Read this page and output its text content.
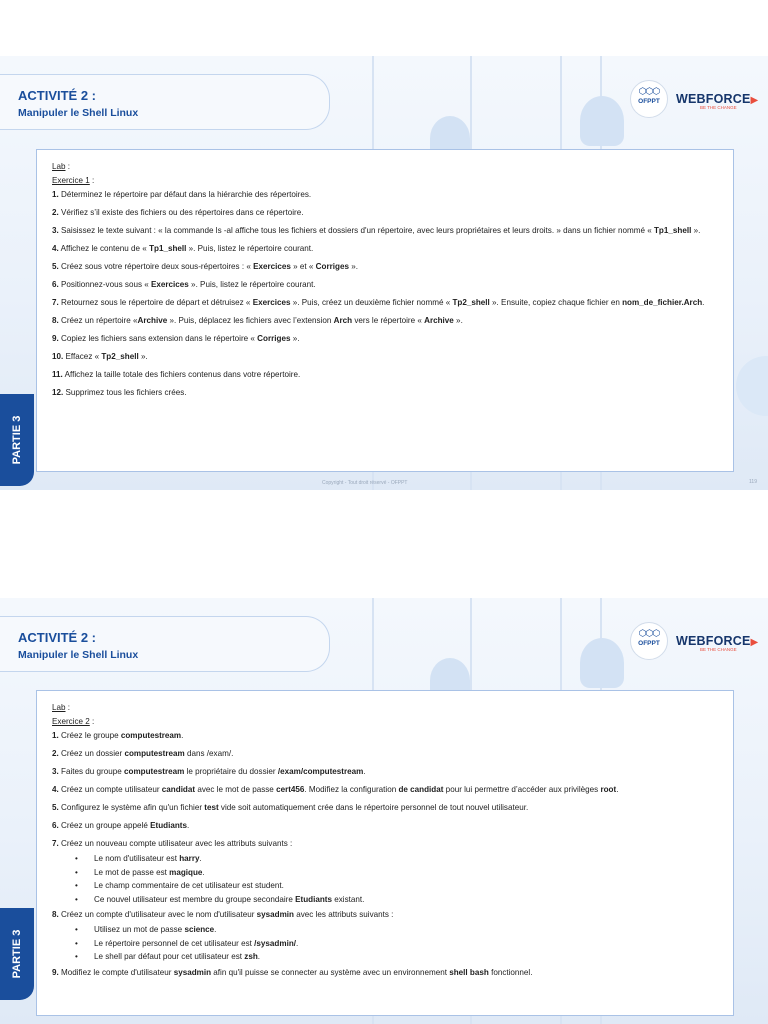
ACTIVITÉ 2 :
Manipuler le Shell Linux
⬡⬡⬡
OFPPT	WEBFORCE▶
BE THE CHANGE
PARTIE 3

Lab :

Exercice 1 :

1. Déterminez le répertoire par défaut dans la hiérarchie des répertoires.

2. Vérifiez s’il existe des fichiers ou des répertoires dans ce répertoire.

3. Saisissez le texte suivant : « la commande ls -al affiche tous les fichiers et dossiers d'un répertoire, avec leurs propriétaires et leurs droits. » dans un fichier nommé « Tp1_shell ».

4. Affichez le contenu de « Tp1_shell ». Puis, listez le répertoire courant.

5. Créez sous votre répertoire deux sous-répertoires : « Exercices » et « Corriges ».

6. Positionnez-vous sous « Exercices ». Puis, listez le répertoire courant.

7. Retournez sous le répertoire de départ et détruisez « Exercices ». Puis, créez un deuxième fichier nommé « Tp2_shell ». Ensuite, copiez chaque fichier en nom_de_fichier.Arch.

8. Créez un répertoire «Archive ». Puis, déplacez les fichiers avec l’extension Arch vers le répertoire « Archive ».

9. Copiez les fichiers sans extension dans le répertoire « Corriges ».

10. Effacez « Tp2_shell ».

11. Affichez la taille totale des fichiers contenus dans votre répertoire.

12. Supprimez tous les fichiers crées.

Copyright - Tout droit réservé - OFPPT	119
ACTIVITÉ 2 :
Manipuler le Shell Linux
⬡⬡⬡
OFPPT	WEBFORCE▶
BE THE CHANGE
PARTIE 3

Lab :

Exercice 2 :

1. Créez le groupe computestream.

2. Créez un dossier computestream dans /exam/.

3. Faites du groupe computestream le propriétaire du dossier /exam/computestream.

4. Créez un compte utilisateur candidat avec le mot de passe cert456. Modifiez la configuration de candidat pour lui permettre d’accéder aux privilèges root.

5. Configurez le système afin qu'un fichier test vide soit automatiquement crée dans le répertoire personnel de tout nouvel utilisateur.

6. Créez un groupe appelé Etudiants.

7. Créez un nouveau compte utilisateur avec les attributs suivants :

• Le nom d'utilisateur est harry.
• Le mot de passe est magique.
• Le champ commentaire de cet utilisateur est student.
• Ce nouvel utilisateur est membre du groupe secondaire Etudiants existant.

8. Créez un compte d'utilisateur avec le nom d'utilisateur sysadmin avec les attributs suivants :

• Utilisez un mot de passe science.
• Le répertoire personnel de cet utilisateur est /sysadmin/.
• Le shell par défaut pour cet utilisateur est zsh.

9. Modifiez le compte d'utilisateur sysadmin afin qu'il puisse se connecter au système avec un environnement shell bash fonctionnel.
